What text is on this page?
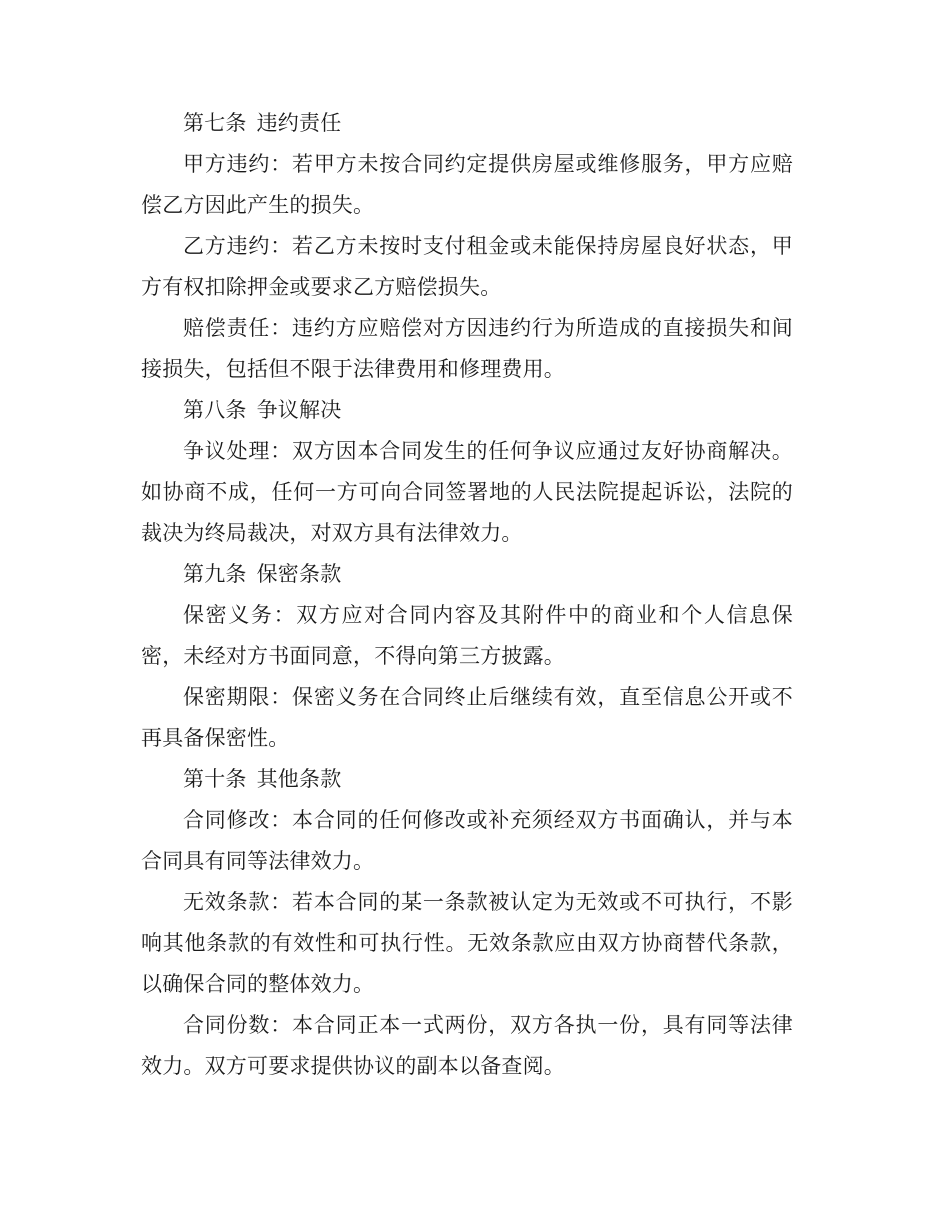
第七条 违约责任

甲方违约：若甲方未按合同约定提供房屋或维修服务，甲方应赔偿乙方因此产生的损失。

乙方违约：若乙方未按时支付租金或未能保持房屋良好状态，甲方有权扣除押金或要求乙方赔偿损失。

赔偿责任：违约方应赔偿对方因违约行为所造成的直接损失和间接损失，包括但不限于法律费用和修理费用。

第八条 争议解决

争议处理：双方因本合同发生的任何争议应通过友好协商解决。如协商不成，任何一方可向合同签署地的人民法院提起诉讼，法院的裁决为终局裁决，对双方具有法律效力。

第九条 保密条款

保密义务：双方应对合同内容及其附件中的商业和个人信息保密，未经对方书面同意，不得向第三方披露。

保密期限：保密义务在合同终止后继续有效，直至信息公开或不再具备保密性。

第十条 其他条款

合同修改：本合同的任何修改或补充须经双方书面确认，并与本合同具有同等法律效力。

无效条款：若本合同的某一条款被认定为无效或不可执行，不影响其他条款的有效性和可执行性。无效条款应由双方协商替代条款，以确保合同的整体效力。

合同份数：本合同正本一式两份，双方各执一份，具有同等法律效力。双方可要求提供协议的副本以备查阅。
